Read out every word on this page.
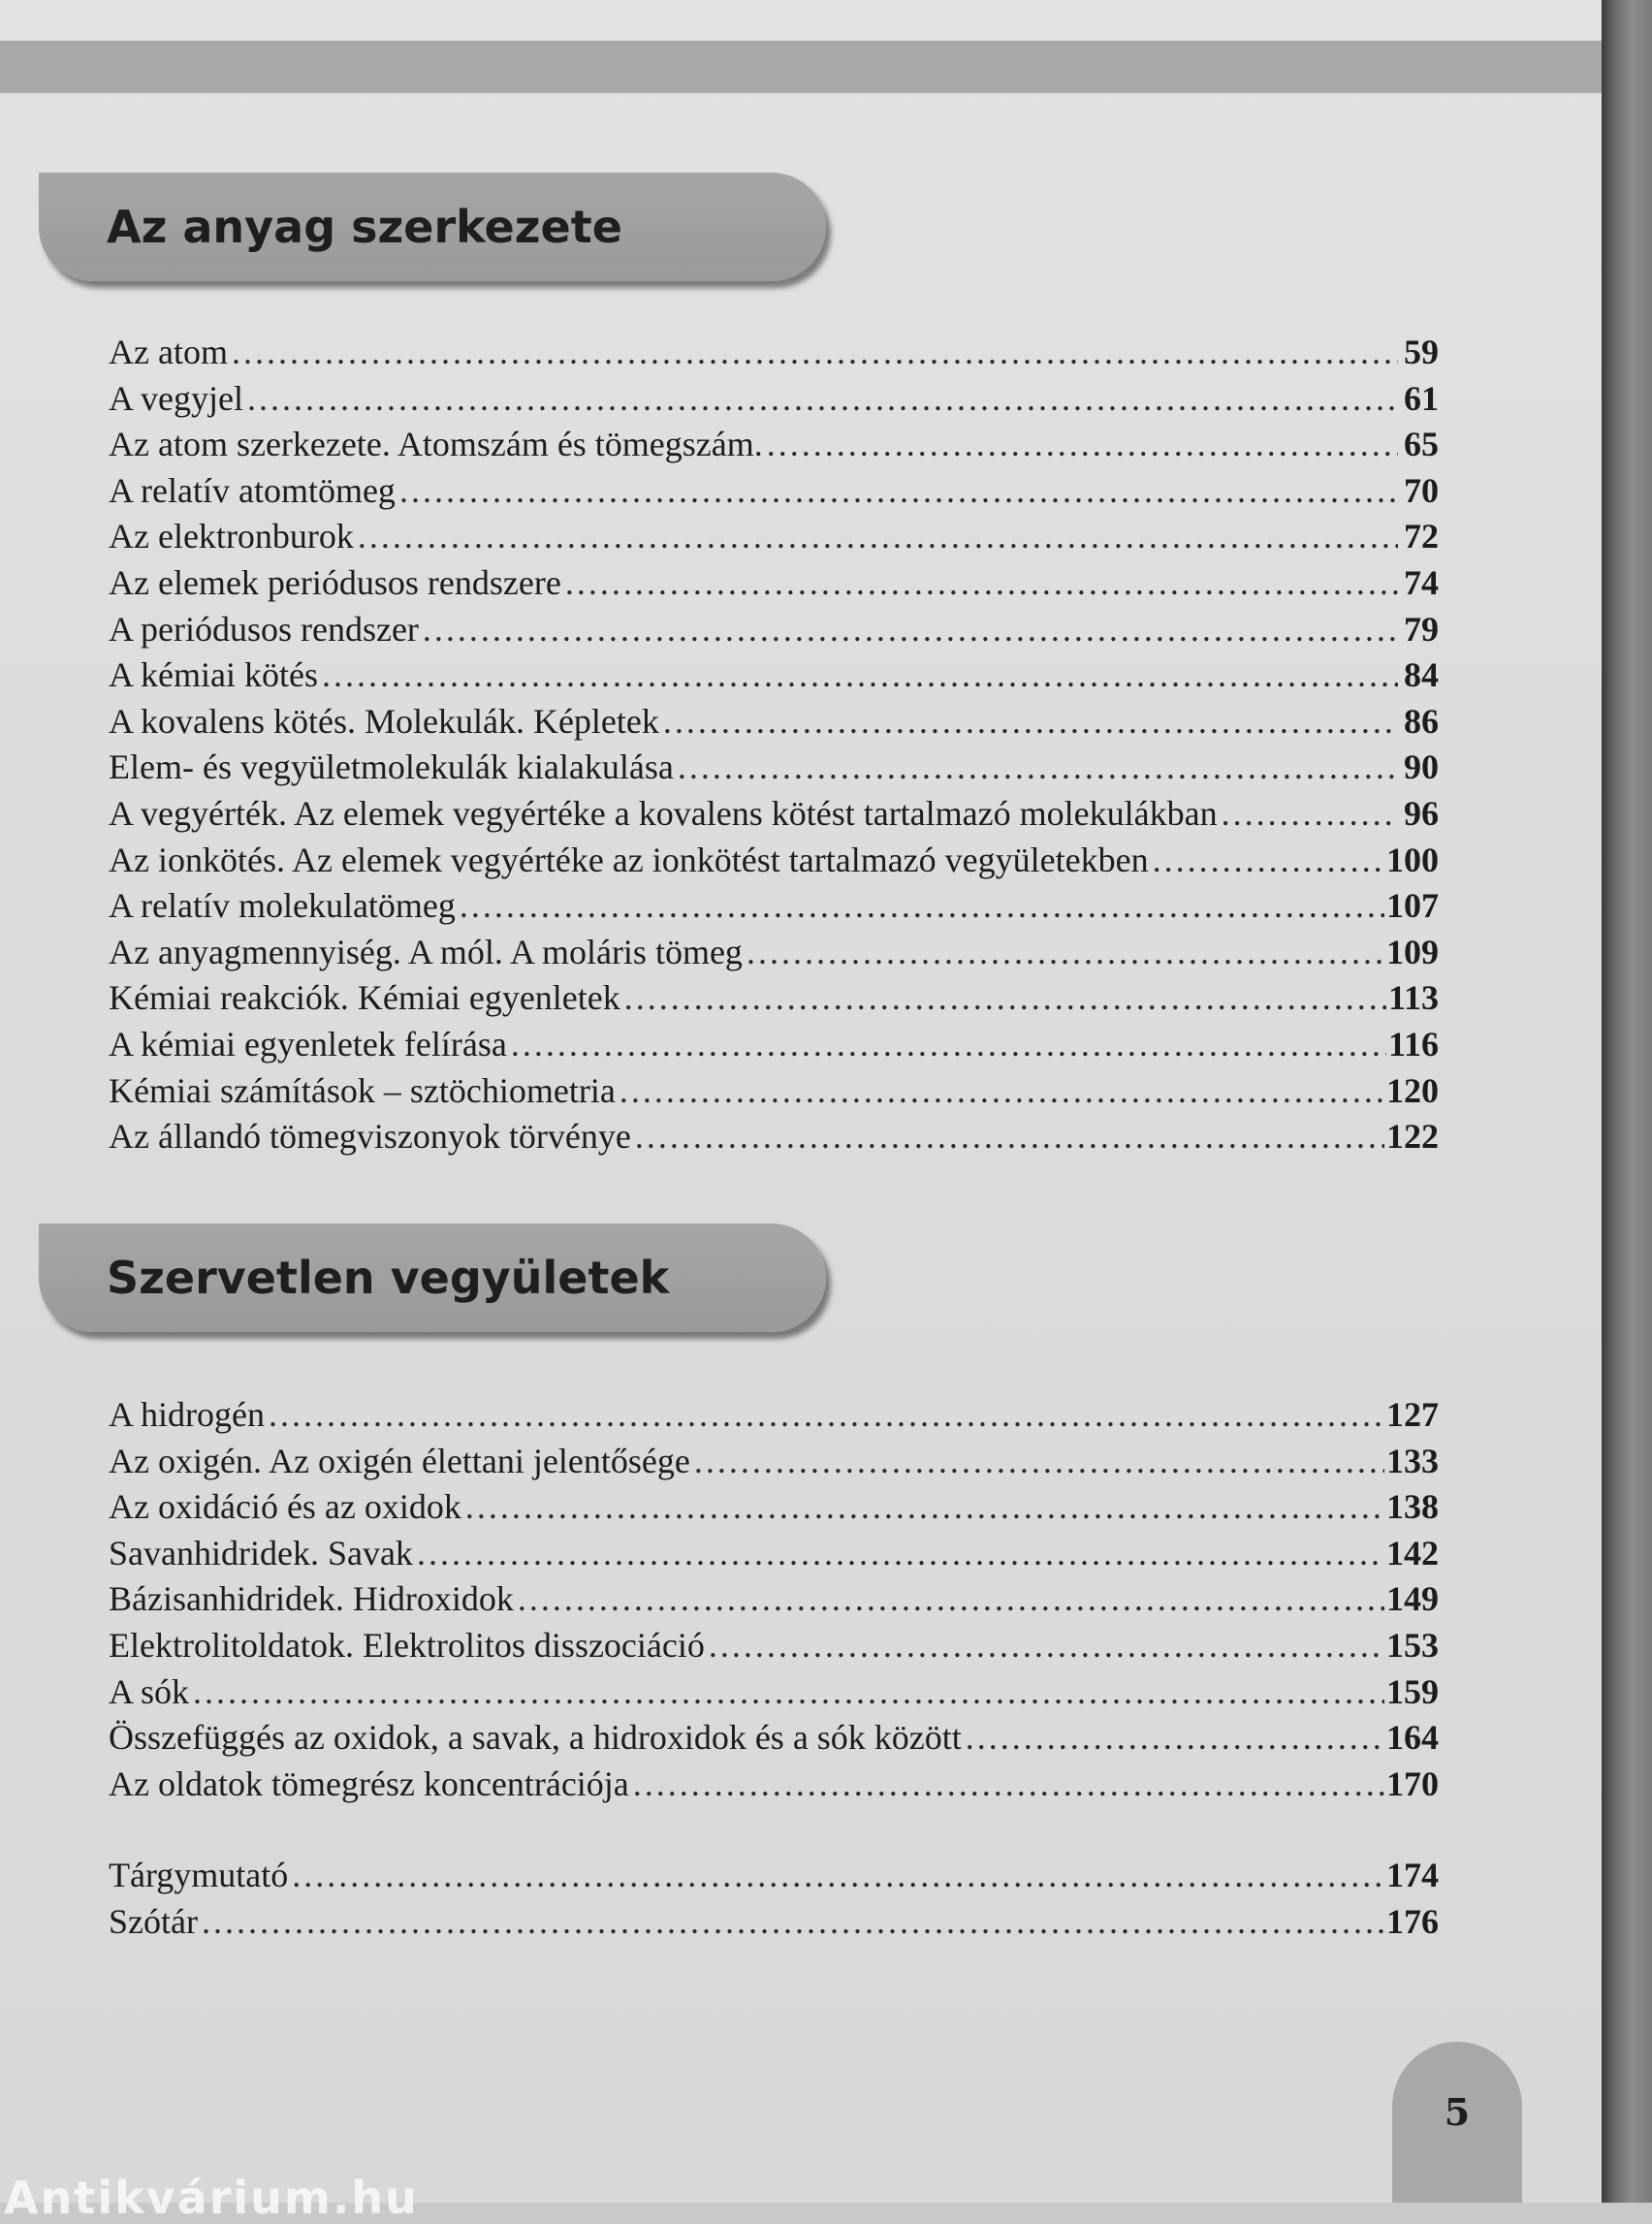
Az anyag szerkezete
Az atom .....	59
A vegyjel .....	61
Az atom szerkezete. Atomszám és tömegszám. .....	65
A relatív atomtömeg .....	70
Az elektronburok .....	72
Az elemek periódusos rendszere .....	74
A periódusos rendszer .....	79
A kémiai kötés .....	84
A kovalens kötés. Molekulák. Képletek .....	86
Elem- és vegyületmolekulák kialakulása .....	90
A vegyérték. Az elemek vegyértéke a kovalens kötést tartalmazó molekulákban .....	96
Az ionkötés. Az elemek vegyértéke az ionkötést tartalmazó vegyületekben .....	100
A relatív molekulatömeg .....	107
Az anyagmennyiség. A mól. A moláris tömeg .....	109
Kémiai reakciók. Kémiai egyenletek .....	113
A kémiai egyenletek felírása .....	116
Kémiai számítások – sztöchiometria .....	120
Az állandó tömegviszonyok törvénye .....	122
Szervetlen vegyületek
A hidrogén .....	127
Az oxigén. Az oxigén élettani jelentősége .....	133
Az oxidáció és az oxidok .....	138
Savanhidridek. Savak .....	142
Bázisanhidridek. Hidroxidok .....	149
Elektrolitoldatok. Elektrolitos disszociáció .....	153
A sók .....	159
Összefüggés az oxidok, a savak, a hidroxidok és a sók között .....	164
Az oldatok tömegrész koncentrációja .....	170
Tárgymutató .....	174
Szótár .....	176
5
Antikvárium.hu
